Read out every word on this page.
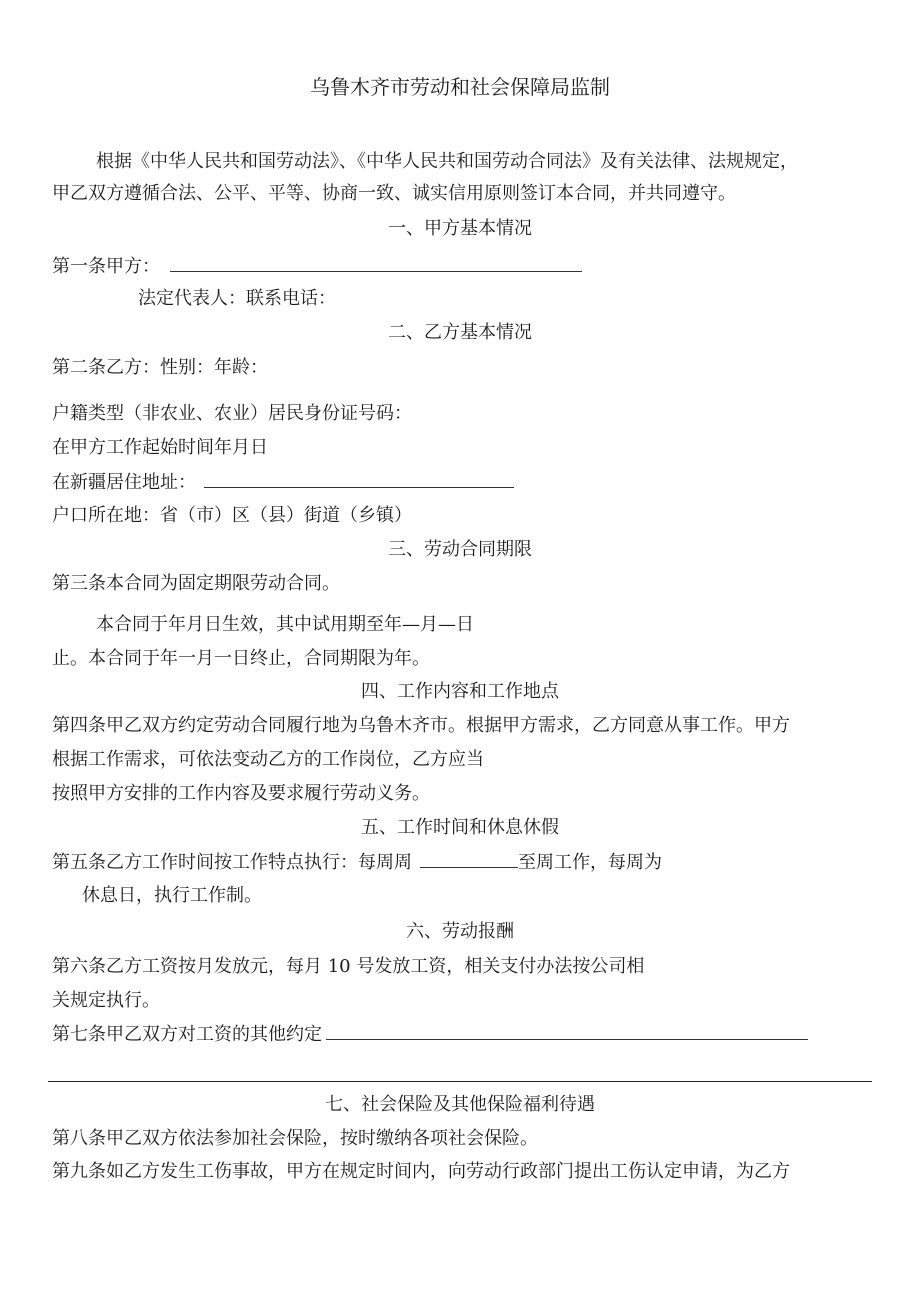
乌鲁木齐市劳动和社会保障局监制
根据《中华人民共和国劳动法》、《中华人民共和国劳动合同法》及有关法律、法规规定，
甲乙双方遵循合法、公平、平等、协商一致、诚实信用原则签订本合同，并共同遵守。
一、甲方基本情况
第一条甲方：
法定代表人：联系电话：
二、乙方基本情况
第二条乙方：性别：年龄：
户籍类型（非农业、农业）居民身份证号码：
在甲方工作起始时间年月日
在新疆居住地址：
户口所在地：省（市）区（县）街道（乡镇）
三、劳动合同期限
第三条本合同为固定期限劳动合同。
本合同于年月日生效，其中试用期至年—月—日
止。本合同于年一月一日终止，合同期限为年。
四、工作内容和工作地点
第四条甲乙双方约定劳动合同履行地为乌鲁木齐市。根据甲方需求，乙方同意从事工作。甲方
根据工作需求，可依法变动乙方的工作岗位，乙方应当
按照甲方安排的工作内容及要求履行劳动义务。
五、工作时间和休息休假
第五条乙方工作时间按工作特点执行：每周周	至周工作，每周为
休息日，执行工作制。
六、劳动报酬
第六条乙方工资按月发放元，每月 10 号发放工资，相关支付办法按公司相
关规定执行。
第七条甲乙双方对工资的其他约定
七、社会保险及其他保险福利待遇
第八条甲乙双方依法参加社会保险，按时缴纳各项社会保险。
第九条如乙方发生工伤事故，甲方在规定时间内，向劳动行政部门提出工伤认定申请，为乙方
